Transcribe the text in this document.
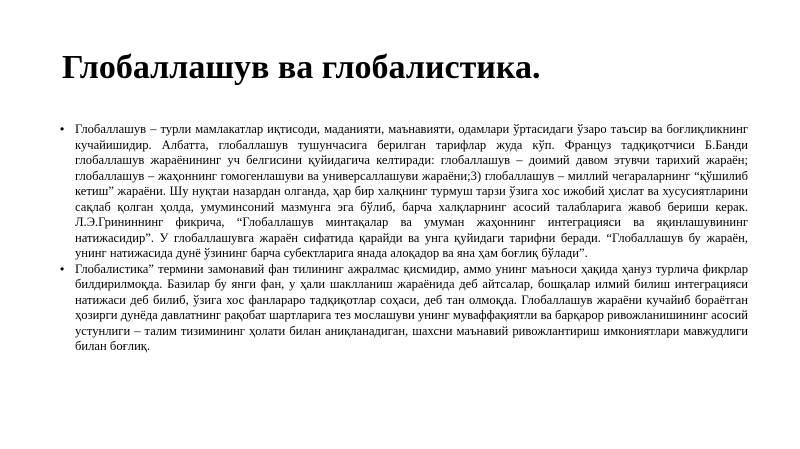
Глобаллашув ва глобалистика.
• Глобаллашув – турли мамлакатлар иқтисоди, маданияти, маънавияти, одамлари ўртасидаги ўзаро таъсир ва боғлиқликнинг кучайишидир. Албатта, глобаллашув тушунчасига берилган тарифлар жуда кўп. Француз тадқиқотчиси Б.Банди глобаллашув жараёнининг уч белгисини қуйидагича келтиради: глобаллашув – доимий давом этувчи тарихий жараён; глобаллашув – жаҳоннинг гомогенлашуви ва универсаллашуви жараёни;3) глобаллашув – миллий чегараларнинг “қўшилиб кетиш” жараёни. Шу нуқтаи назардан олганда, ҳар бир халқнинг турмуш тарзи ўзига хос ижобий ҳислат ва хусусиятларини сақлаб қолган ҳолда, умуминсоний мазмунга эга бўлиб, барча халқларнинг асосий талабларига жавоб бериши керак. Л.Э.Грининнинг фикрича, “Глобаллашув минтақалар ва умуман жаҳоннинг интеграцияси ва яқинлашувининг натижасидир”. У глобаллашувга жараён сифатида қарайди ва унга қуйидаги тарифни беради. “Глобаллашув бу жараён, унинг натижасида дунё ўзининг барча субектларига янада алоқадор ва яна ҳам боғлиқ бўлади”.
• Глобалистика” термини замонавий фан тилининг ажралмас қисмидир, аммо унинг маъноси ҳақида ҳануз турлича фикрлар билдирилмоқда. Базилар бу янги фан, у ҳали шаклланиш жараёнида деб айтсалар, бошқалар илмий билиш интеграцияси натижаси деб билиб, ўзига хос фанлараро тадқиқотлар соҳаси, деб тан олмоқда. Глобаллашув жараёни кучайиб бораётган ҳозирги дунёда давлатнинг рақобат шартларига тез мослашуви унинг муваффақиятли ва барқарор ривожланишининг асосий устунлиги – талим тизимининг ҳолати билан аниқланадиган, шахсни маънавий ривожлантириш имкониятлари мавжудлиги билан боғлиқ.
